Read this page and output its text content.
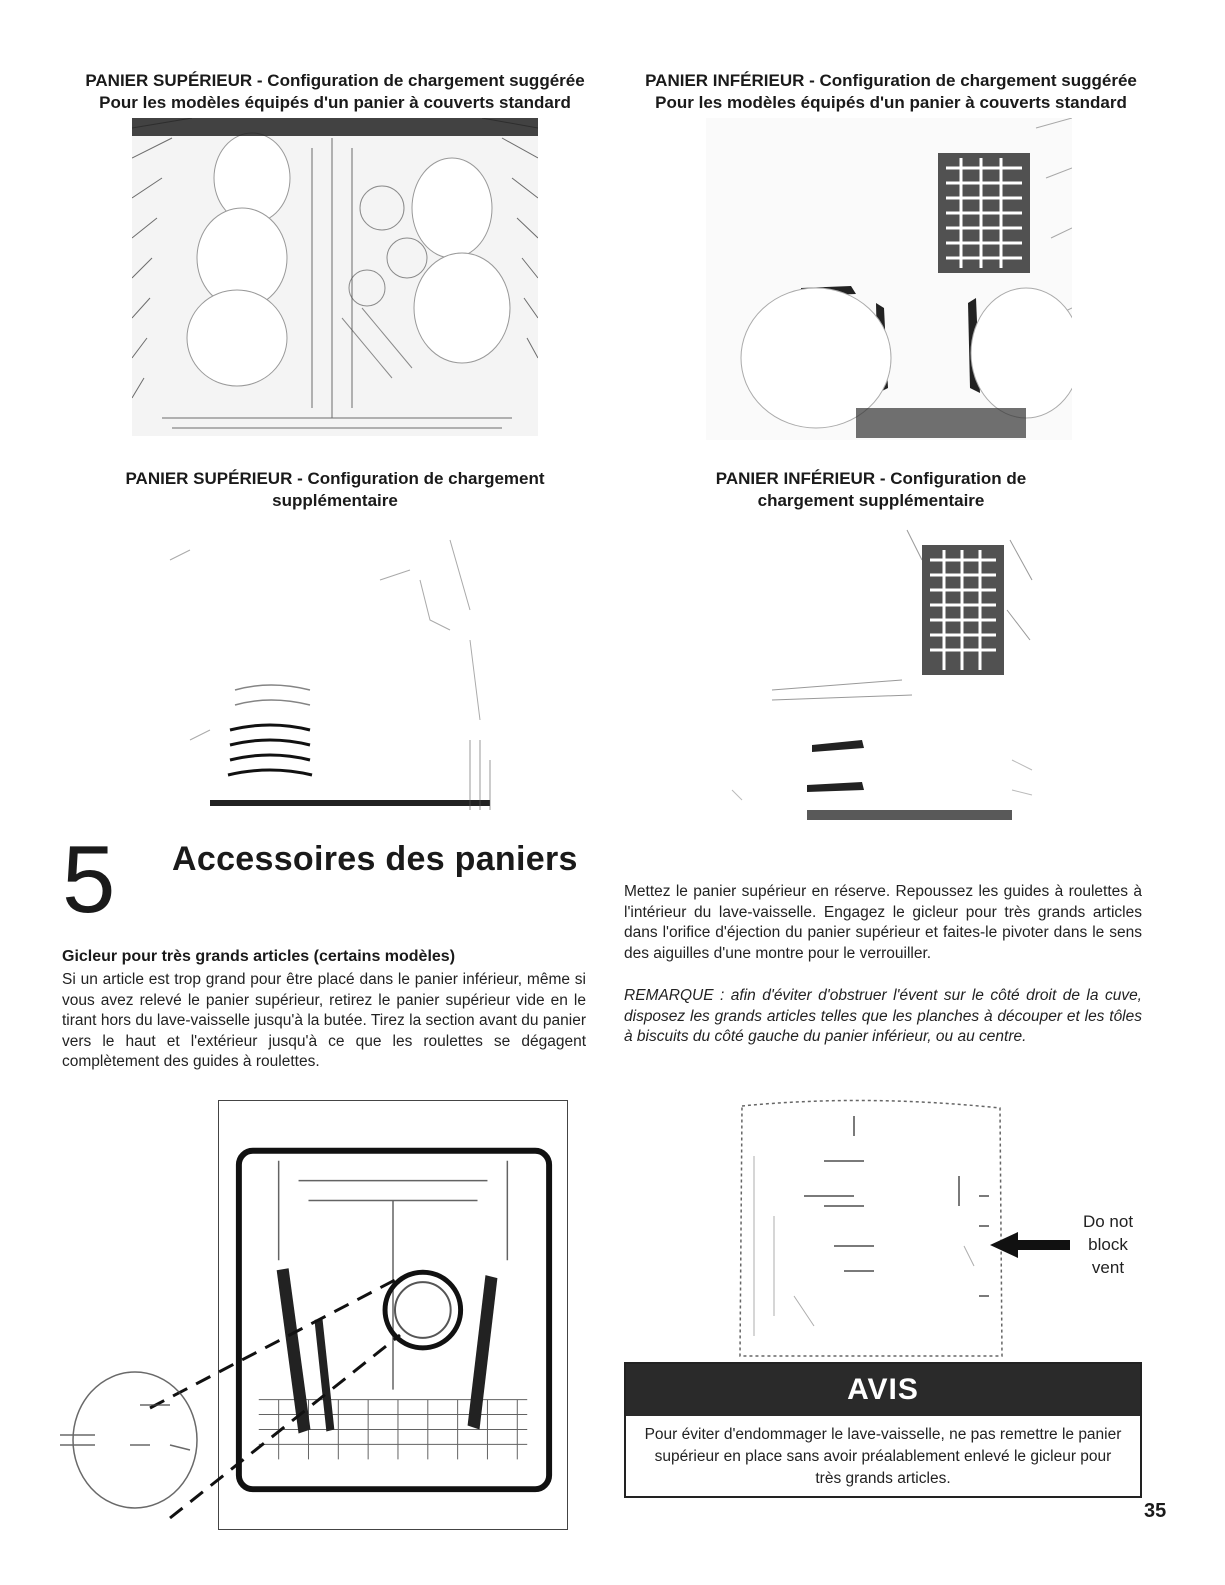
PANIER SUPÉRIEUR - Configuration de chargement suggérée
Pour les modèles équipés d'un panier à couverts standard
PANIER INFÉRIEUR - Configuration de chargement suggérée
Pour les modèles équipés d'un panier à couverts standard
PANIER SUPÉRIEUR - Configuration de chargement
supplémentaire
PANIER INFÉRIEUR - Configuration de
chargement supplémentaire
5 Accessoires des paniers
Gicleur pour très grands articles (certains modèles)
Si un article est trop grand pour être placé dans le panier inférieur, même si vous avez relevé le panier supérieur, retirez le panier supérieur vide en le tirant hors du lave-vaisselle jusqu'à la butée. Tirez la section avant du panier vers le haut et l'extérieur jusqu'à ce que les roulettes se dégagent complètement des guides à roulettes.
Mettez le panier supérieur en réserve. Repoussez les guides à roulettes à l'intérieur du lave-vaisselle. Engagez le gicleur pour très grands articles dans l'orifice d'éjection du panier supérieur et faites-le pivoter dans le sens des aiguilles d'une montre pour le verrouiller.
REMARQUE : afin d'éviter d'obstruer l'évent sur le côté droit de la cuve, disposez les grands articles telles que les planches à découper et les tôles à biscuits du côté gauche du panier inférieur, ou au centre.
Do not
block
vent
AVIS
Pour éviter d'endommager le lave-vaisselle, ne pas remettre le panier supérieur en place sans avoir préalablement enlevé le gicleur pour très grands articles.
35
